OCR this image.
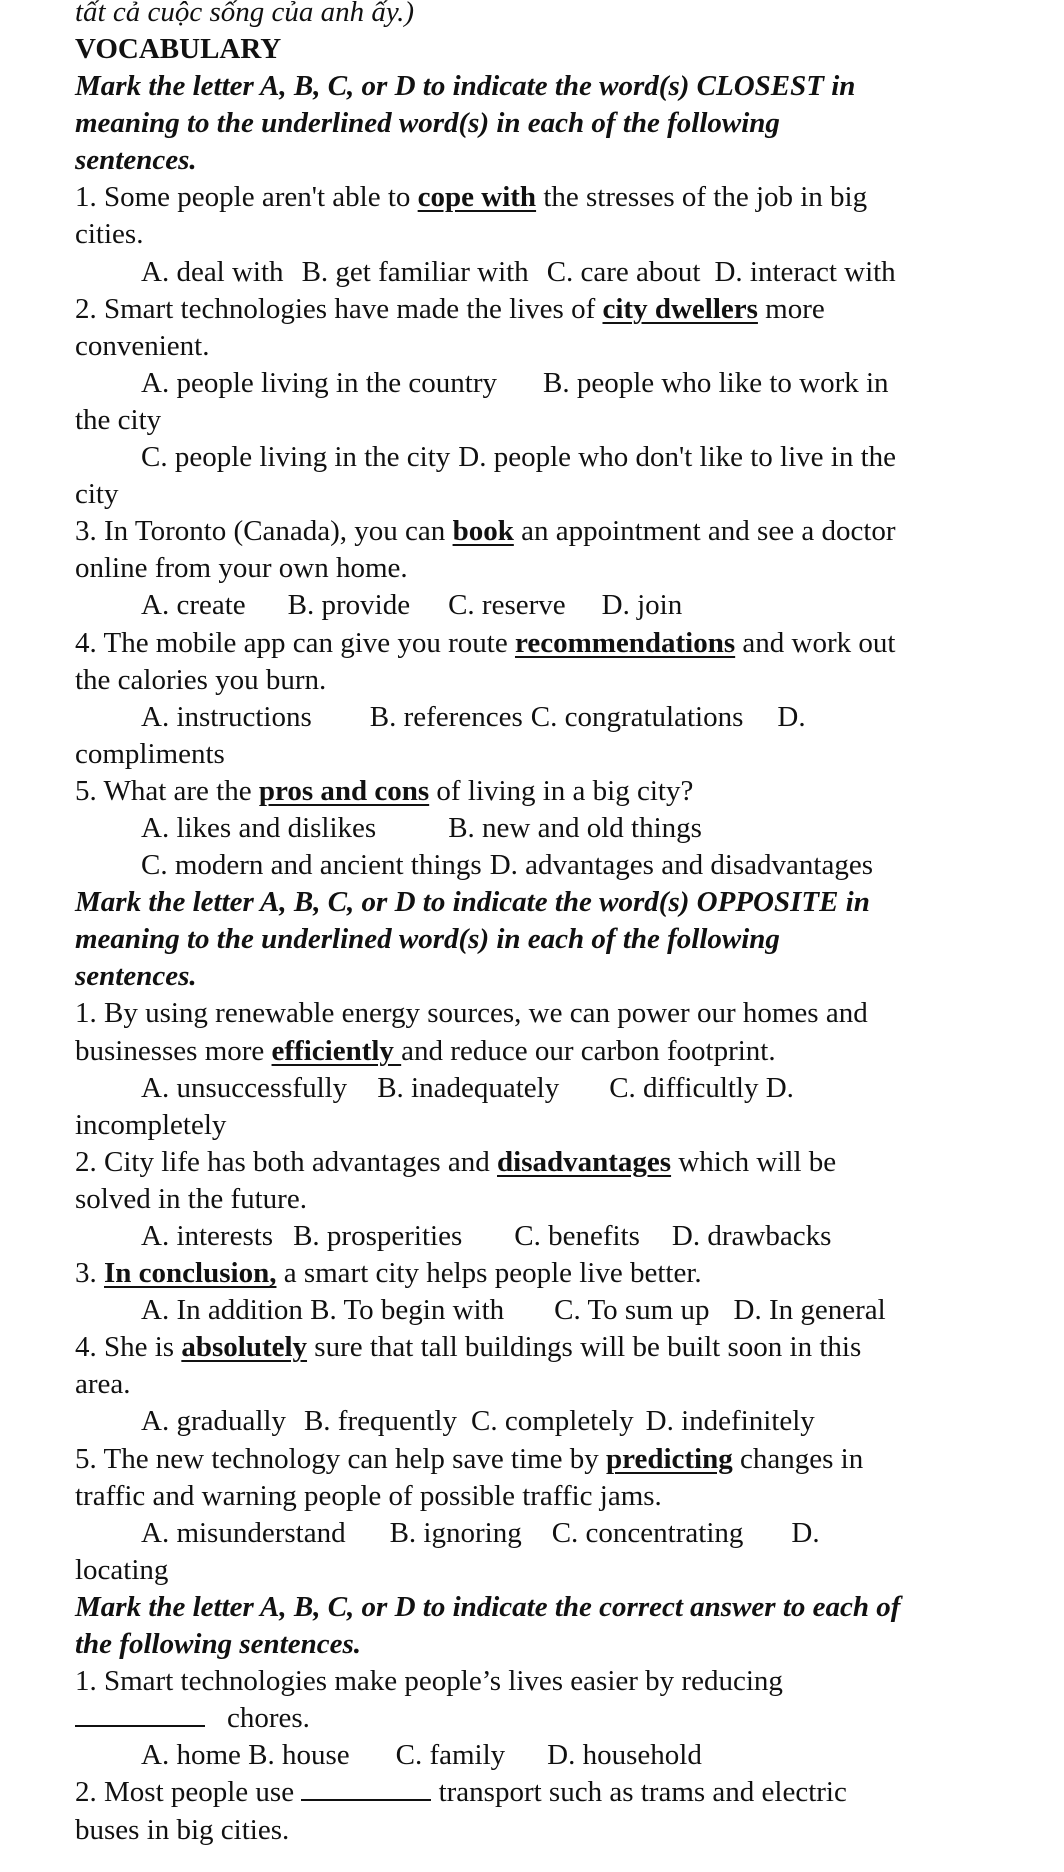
tất cả cuộc sống của anh ấy.)
VOCABULARY
Mark the letter A, B, C, or D to indicate the word(s) CLOSEST in
meaning to the underlined word(s) in each of the following
sentences.
1. Some people aren't able to cope with the stresses of the job in big
cities.
A. deal with B. get familiar with C. care about D. interact with
2. Smart technologies have made the lives of city dwellers more
convenient.
A. people living in the country B. people who like to work in
the city
C. people living in the city D. people who don't like to live in the
city
3. In Toronto (Canada), you can book an appointment and see a doctor
online from your own home.
A. create B. provide C. reserve D. join
4. The mobile app can give you route recommendations and work out
the calories you burn.
A. instructions B. references C. congratulations D.
compliments
5. What are the pros and cons of living in a big city?
A. likes and dislikes B. new and old things
C. modern and ancient things D. advantages and disadvantages
Mark the letter A, B, C, or D to indicate the word(s) OPPOSITE in
meaning to the underlined word(s) in each of the following
sentences.
1. By using renewable energy sources, we can power our homes and
businesses more efficiently and reduce our carbon footprint.
A. unsuccessfully B. inadequately C. difficultly D.
incompletely
2. City life has both advantages and disadvantages which will be
solved in the future.
A. interests B. prosperities C. benefits D. drawbacks
3. In conclusion, a smart city helps people live better.
A. In addition B. To begin with C. To sum up D. In general
4. She is absolutely sure that tall buildings will be built soon in this
area.
A. gradually B. frequently C. completely D. indefinitely
5. The new technology can help save time by predicting changes in
traffic and warning people of possible traffic jams.
A. misunderstand B. ignoring C. concentrating D.
locating
Mark the letter A, B, C, or D to indicate the correct answer to each of
the following sentences.
1. Smart technologies make people’s lives easier by reducing
chores.
A. home B. house C. family D. household
2. Most people use	transport such as trams and electric
buses in big cities.
